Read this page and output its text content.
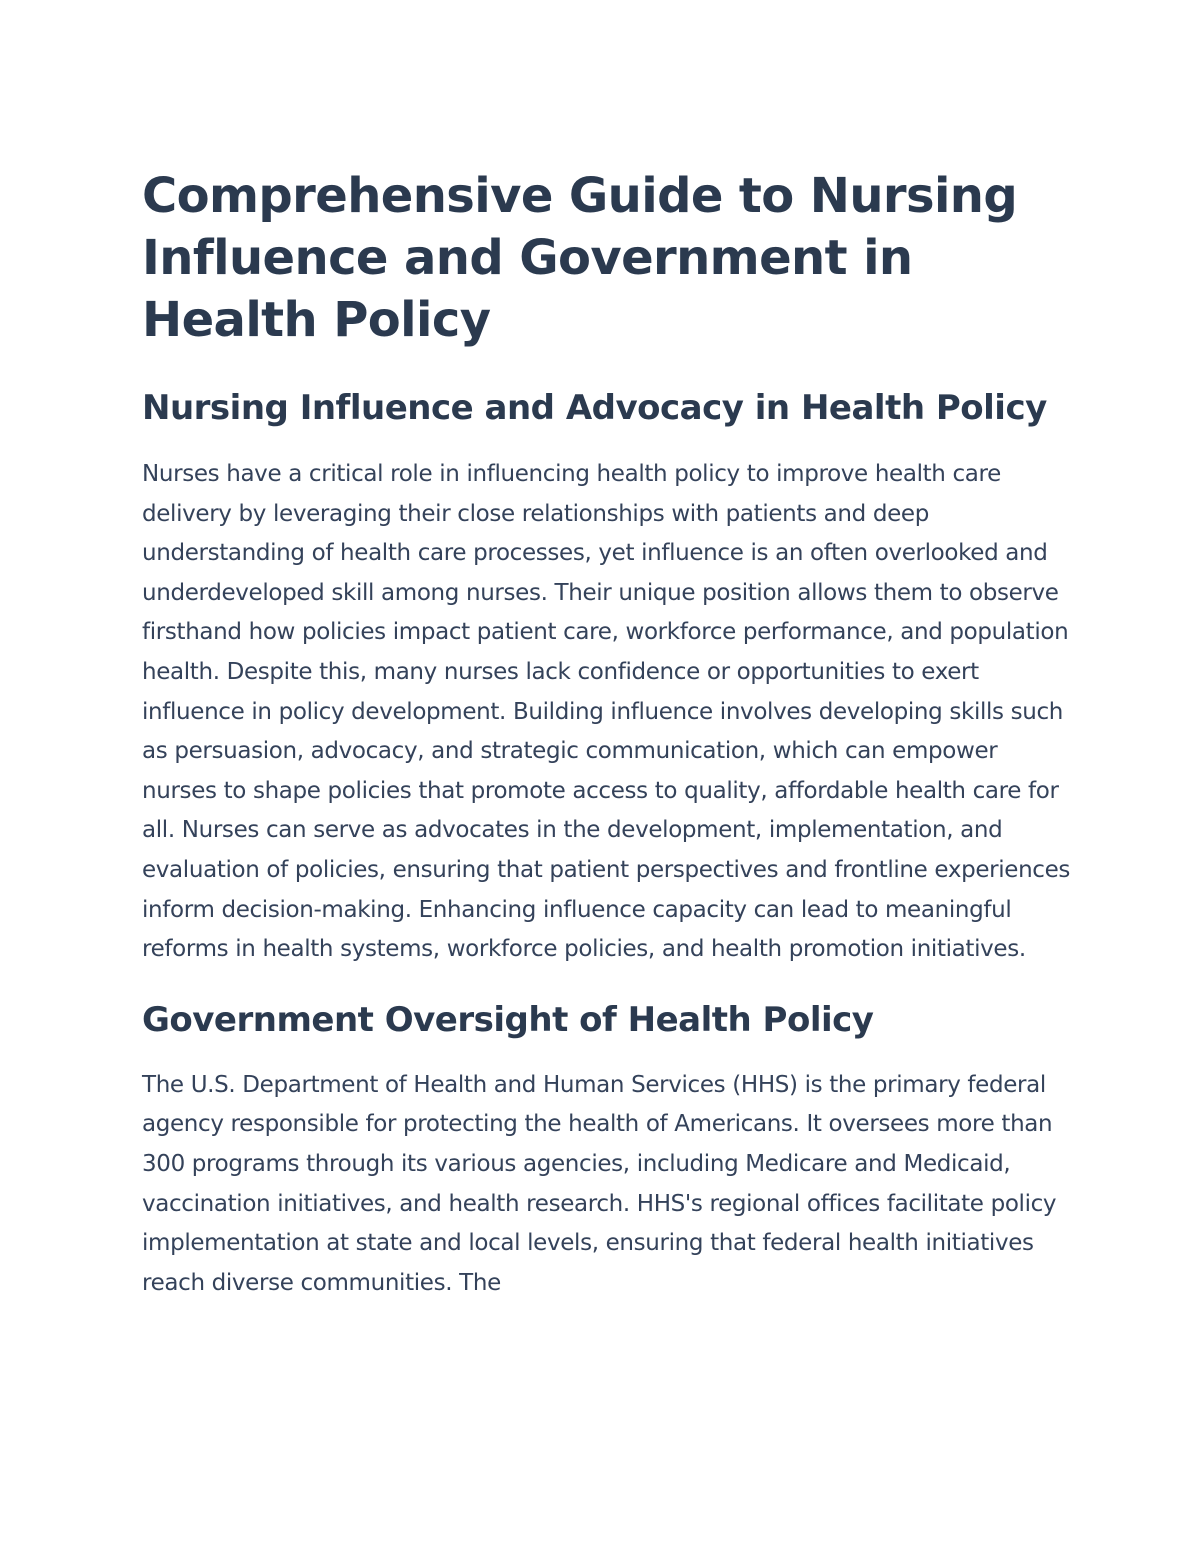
Comprehensive Guide to Nursing Influence and Government in Health Policy
Nursing Influence and Advocacy in Health Policy

Nurses have a critical role in influencing health policy to improve health care delivery by leveraging their close relationships with patients and deep understanding of health care processes, yet influence is an often overlooked and underdeveloped skill among nurses. Their unique position allows them to observe firsthand how policies impact patient care, workforce performance, and population health. Despite this, many nurses lack confidence or opportunities to exert influence in policy development. Building influence involves developing skills such as persuasion, advocacy, and strategic communication, which can empower nurses to shape policies that promote access to quality, affordable health care for all. Nurses can serve as advocates in the development, implementation, and evaluation of policies, ensuring that patient perspectives and frontline experiences inform decision-making. Enhancing influence capacity can lead to meaningful reforms in health systems, workforce policies, and health promotion initiatives.

Government Oversight of Health Policy

The U.S. Department of Health and Human Services (HHS) is the primary federal agency responsible for protecting the health of Americans. It oversees more than 300 programs through its various agencies, including Medicare and Medicaid, vaccination initiatives, and health research. HHS's regional offices facilitate policy implementation at state and local levels, ensuring that federal health initiatives reach diverse communities. The
